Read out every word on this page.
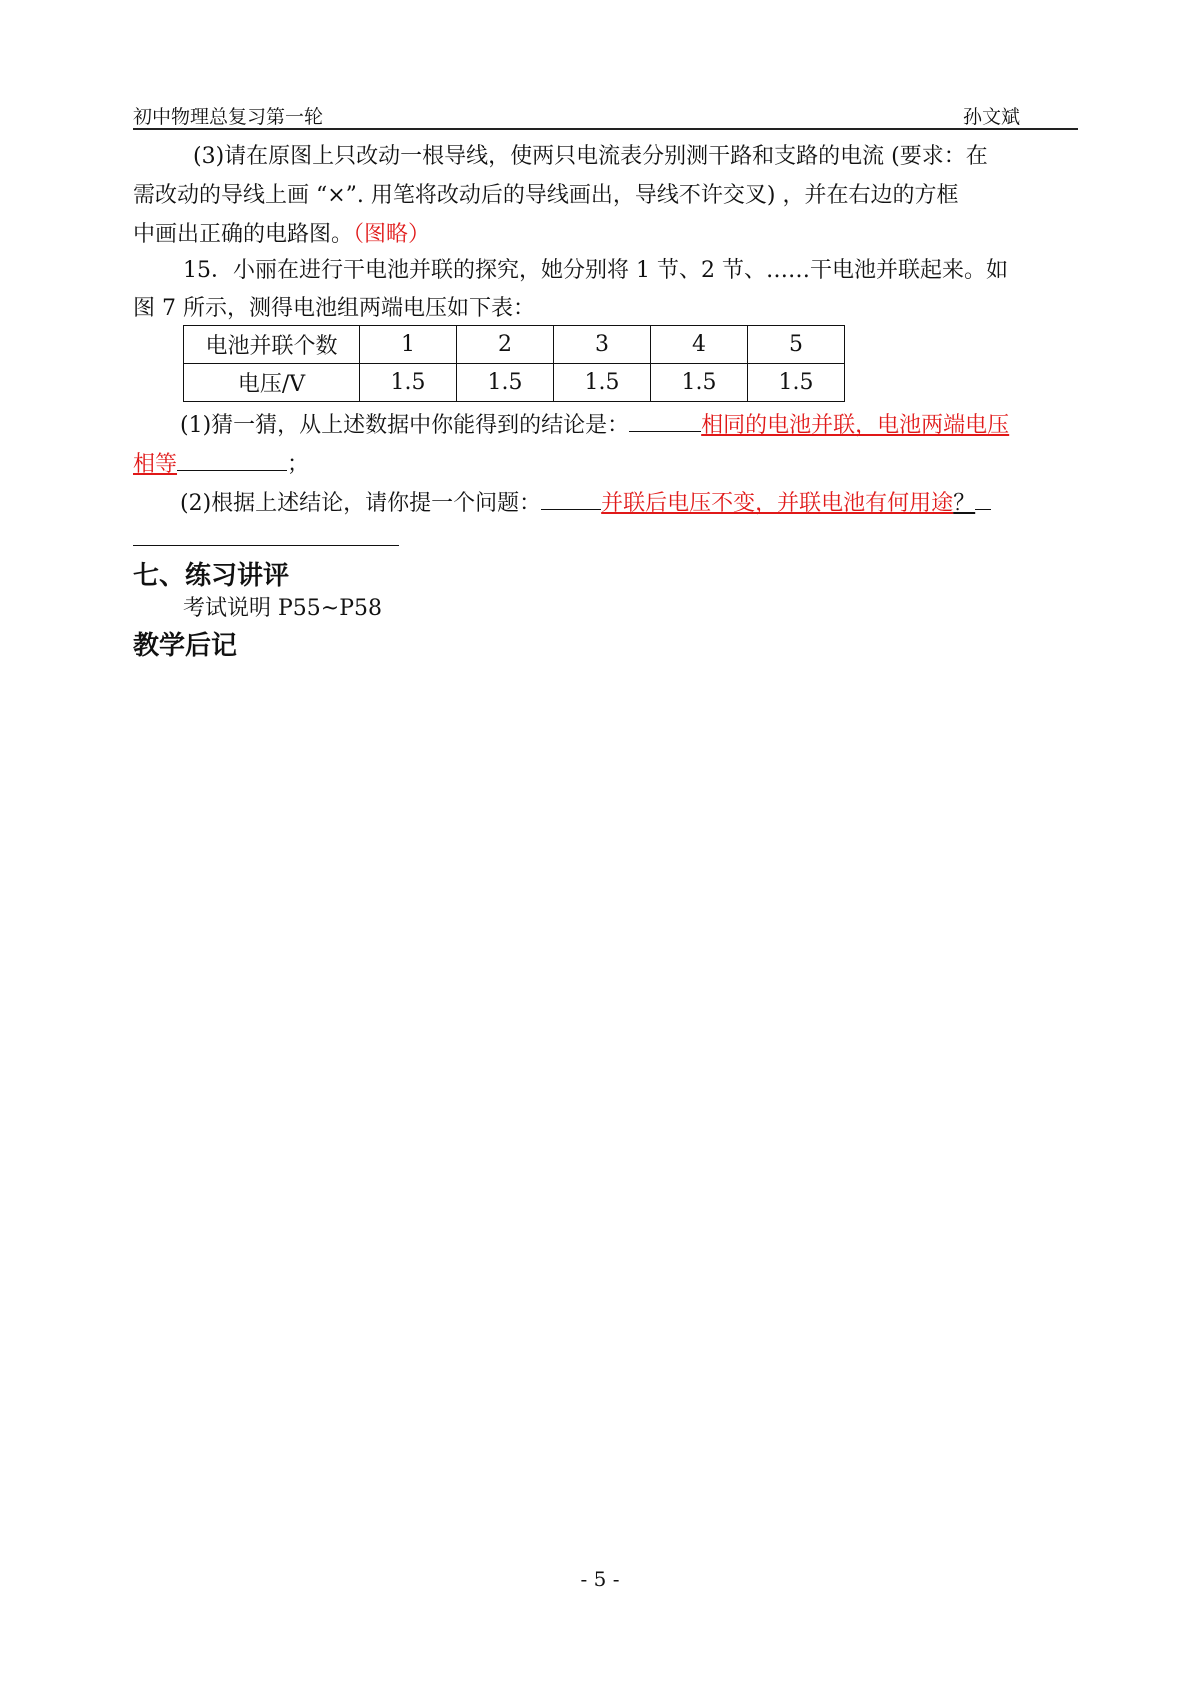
初中物理总复习第一轮	孙文斌

(3)请在原图上只改动一根导线，使两只电流表分别测干路和支路的电流 (要求：在

需改动的导线上画 “×”. 用笔将改动后的导线画出，导线不许交叉) ，并在右边的方框

中画出正确的电路图。（图略）

15．小丽在进行干电池并联的探究，她分别将 1 节、2 节、……干电池并联起来。如

图 7 所示，测得电池组两端电压如下表：

电池并联个数	1	2	3	4	5
电压/V	1.5	1.5	1.5	1.5	1.5

(1)猜一猜，从上述数据中你能得到的结论是：	相同的电池并联，电池两端电压

相等	；

(2)根据上述结论，请你提一个问题：	并联后电压不变，并联电池有何用途？

七、练习讲评

考试说明 P55~P58

教学后记
- 5 -
